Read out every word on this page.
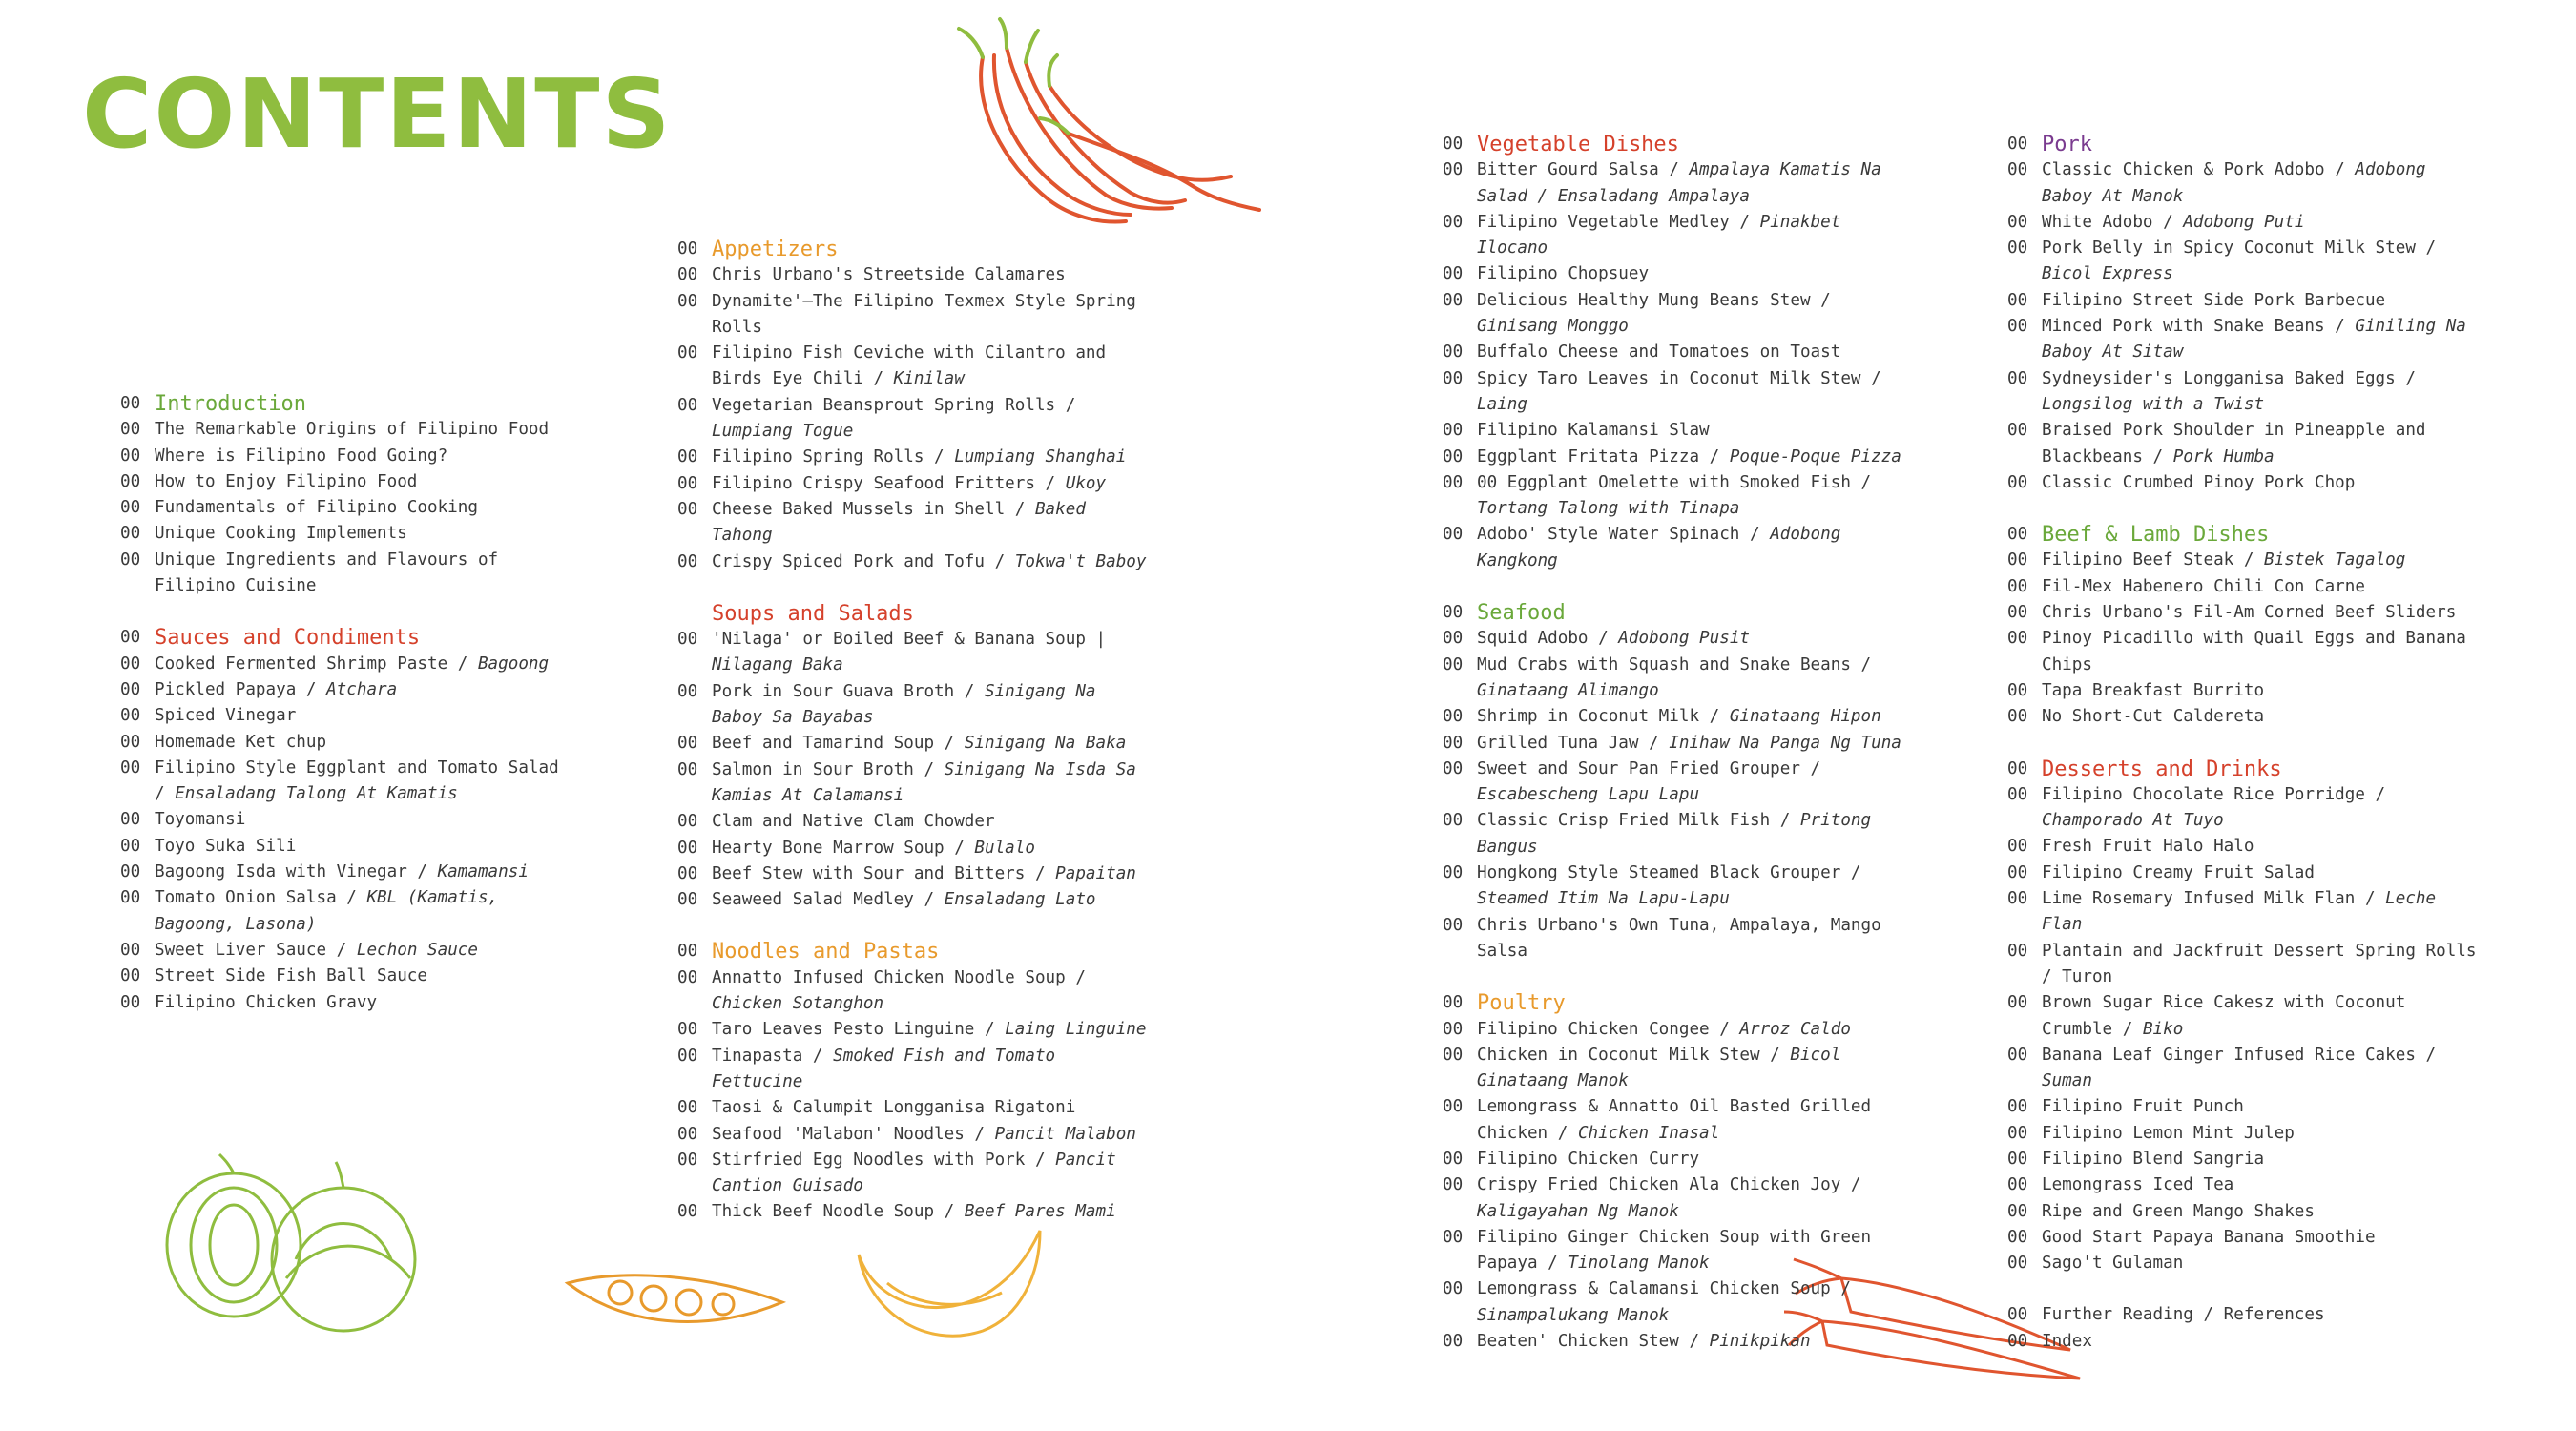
CONTENTS
00 Introduction
00 The Remarkable Origins of Filipino Food
00 Where is Filipino Food Going?
00 How to Enjoy Filipino Food
00 Fundamentals of Filipino Cooking
00 Unique Cooking Implements
00 Unique Ingredients and Flavours of Filipino Cuisine
00 Sauces and Condiments
00 Cooked Fermented Shrimp Paste / Bagoong
00 Pickled Papaya / Atchara
00 Spiced Vinegar
00 Homemade Ket chup
00 Filipino Style Eggplant and Tomato Salad / Ensaladang Talong At Kamatis
00 Toyomansi
00 Toyo Suka Sili
00 Bagoong Isda with Vinegar / Kamamansi
00 Tomato Onion Salsa / KBL (Kamatis, Bagoong, Lasona)
00 Sweet Liver Sauce / Lechon Sauce
00 Street Side Fish Ball Sauce
00 Filipino Chicken Gravy
00 Appetizers
00 Chris Urbano's Streetside Calamares
00 Dynamite'—The Filipino Texmex Style Spring Rolls
00 Filipino Fish Ceviche with Cilantro and Birds Eye Chili / Kinilaw
00 Vegetarian Beansprout Spring Rolls / Lumpiang Togue
00 Filipino Spring Rolls / Lumpiang Shanghai
00 Filipino Crispy Seafood Fritters / Ukoy
00 Cheese Baked Mussels in Shell / Baked Tahong
00 Crispy Spiced Pork and Tofu / Tokwa't Baboy
Soups and Salads
00 'Nilaga' or Boiled Beef & Banana Soup | Nilagang Baka
00 Pork in Sour Guava Broth / Sinigang Na Baboy Sa Bayabas
00 Beef and Tamarind Soup / Sinigang Na Baka
00 Salmon in Sour Broth / Sinigang Na Isda Sa Kamias At Calamansi
00 Clam and Native Clam Chowder
00 Hearty Bone Marrow Soup / Bulalo
00 Beef Stew with Sour and Bitters / Papaitan
00 Seaweed Salad Medley / Ensaladang Lato
00 Noodles and Pastas
00 Annatto Infused Chicken Noodle Soup / Chicken Sotanghon
00 Taro Leaves Pesto Linguine / Laing Linguine
00 Tinapasta / Smoked Fish and Tomato Fettucine
00 Taosi & Calumpit Longganisa Rigatoni
00 Seafood 'Malabon' Noodles / Pancit Malabon
00 Stirfried Egg Noodles with Pork / Pancit Cantion Guisado
00 Thick Beef Noodle Soup / Beef Pares Mami
00 Vegetable Dishes
00 Bitter Gourd Salsa / Ampalaya Kamatis Na Salad / Ensaladang Ampalaya
00 Filipino Vegetable Medley / Pinakbet Ilocano
00 Filipino Chopsuey
00 Delicious Healthy Mung Beans Stew / Ginisang Monggo
00 Buffalo Cheese and Tomatoes on Toast
00 Spicy Taro Leaves in Coconut Milk Stew / Laing
00 Filipino Kalamansi Slaw
00 Eggplant Fritata Pizza / Poque-Poque Pizza
00 00 Eggplant Omelette with Smoked Fish / Tortang Talong with Tinapa
00 Adobo' Style Water Spinach / Adobong Kangkong
00 Seafood
00 Squid Adobo / Adobong Pusit
00 Mud Crabs with Squash and Snake Beans / Ginataang Alimango
00 Shrimp in Coconut Milk / Ginataang Hipon
00 Grilled Tuna Jaw / Inihaw Na Panga Ng Tuna
00 Sweet and Sour Pan Fried Grouper / Escabescheng Lapu Lapu
00 Classic Crisp Fried Milk Fish / Pritong Bangus
00 Hongkong Style Steamed Black Grouper / Steamed Itim Na Lapu-Lapu
00 Chris Urbano's Own Tuna, Ampalaya, Mango Salsa
00 Poultry
00 Filipino Chicken Congee / Arroz Caldo
00 Chicken in Coconut Milk Stew / Bicol Ginataang Manok
00 Lemongrass & Annatto Oil Basted Grilled Chicken / Chicken Inasal
00 Filipino Chicken Curry
00 Crispy Fried Chicken Ala Chicken Joy / Kaligayahan Ng Manok
00 Filipino Ginger Chicken Soup with Green Papaya / Tinolang Manok
00 Lemongrass & Calamansi Chicken Soup / Sinampalukang Manok
00 Beaten' Chicken Stew / Pinikpikan
00 Pork
00 Classic Chicken & Pork Adobo / Adobong Baboy At Manok
00 White Adobo / Adobong Puti
00 Pork Belly in Spicy Coconut Milk Stew / Bicol Express
00 Filipino Street Side Pork Barbecue
00 Minced Pork with Snake Beans / Giniling Na Baboy At Sitaw
00 Sydneysider's Longganisa Baked Eggs / Longsilog with a Twist
00 Braised Pork Shoulder in Pineapple and Blackbeans / Pork Humba
00 Classic Crumbed Pinoy Pork Chop
00 Beef & Lamb Dishes
00 Filipino Beef Steak / Bistek Tagalog
00 Fil-Mex Habenero Chili Con Carne
00 Chris Urbano's Fil-Am Corned Beef Sliders
00 Pinoy Picadillo with Quail Eggs and Banana Chips
00 Tapa Breakfast Burrito
00 No Short-Cut Caldereta
00 Desserts and Drinks
00 Filipino Chocolate Rice Porridge / Champorado At Tuyo
00 Fresh Fruit Halo Halo
00 Filipino Creamy Fruit Salad
00 Lime Rosemary Infused Milk Flan / Leche Flan
00 Plantain and Jackfruit Dessert Spring Rolls / Turon
00 Brown Sugar Rice Cakesz with Coconut Crumble / Biko
00 Banana Leaf Ginger Infused Rice Cakes / Suman
00 Filipino Fruit Punch
00 Filipino Lemon Mint Julep
00 Filipino Blend Sangria
00 Lemongrass Iced Tea
00 Ripe and Green Mango Shakes
00 Good Start Papaya Banana Smoothie
00 Sago't Gulaman
00 Further Reading / References
00 Index
